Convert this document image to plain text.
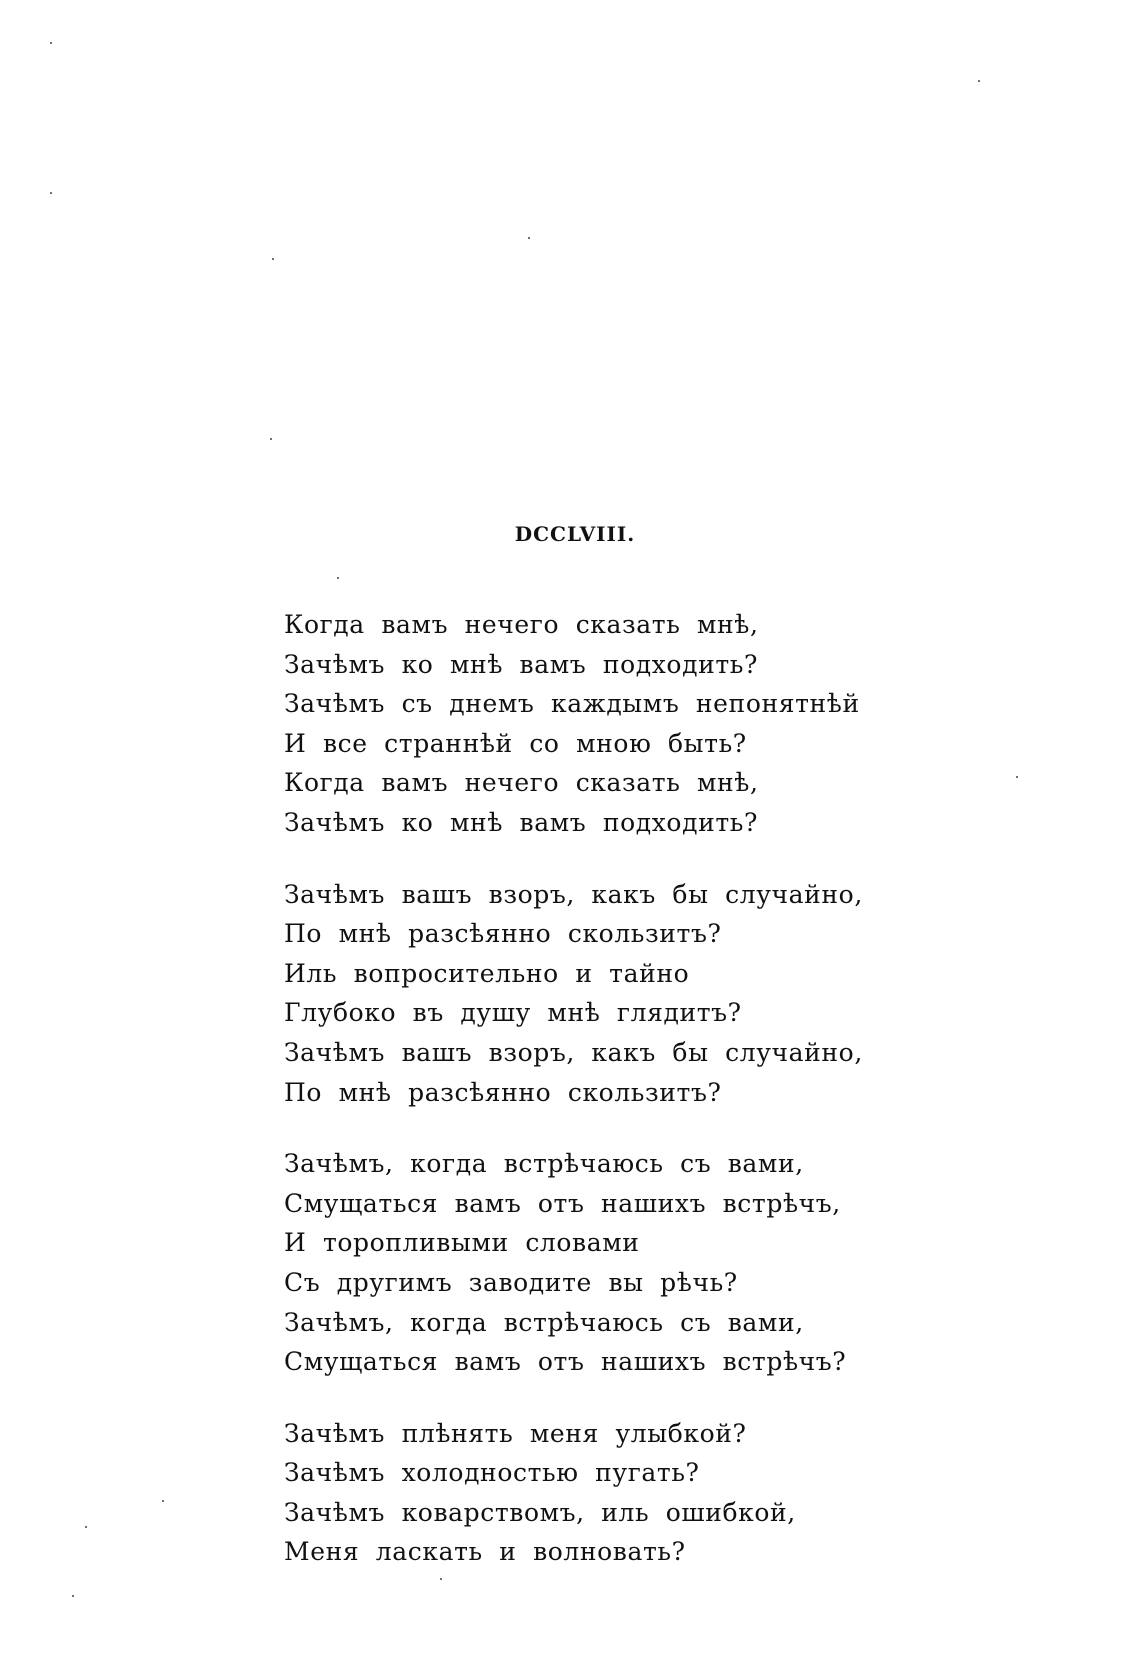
DCCLVIII.
Когда вамъ нечего сказать мнѣ,
Зачѣмъ ко мнѣ вамъ подходить?
Зачѣмъ съ днемъ каждымъ непонятнѣй
И все страннѣй со мною быть?
Когда вамъ нечего сказать мнѣ,
Зачѣмъ ко мнѣ вамъ подходить?
Зачѣмъ вашъ взоръ, какъ бы случайно,
По мнѣ разсѣянно скользитъ?
Иль вопросительно и тайно
Глубоко въ душу мнѣ глядитъ?
Зачѣмъ вашъ взоръ, какъ бы случайно,
По мнѣ разсѣянно скользитъ?
Зачѣмъ, когда встрѣчаюсь съ вами,
Смущаться вамъ отъ нашихъ встрѣчъ,
И торопливыми словами
Съ другимъ заводите вы рѣчь?
Зачѣмъ, когда встрѣчаюсь съ вами,
Смущаться вамъ отъ нашихъ встрѣчъ?
Зачѣмъ плѣнять меня улыбкой?
Зачѣмъ холодностью пугать?
Зачѣмъ коварствомъ, иль ошибкой,
Меня ласкать и волновать?
